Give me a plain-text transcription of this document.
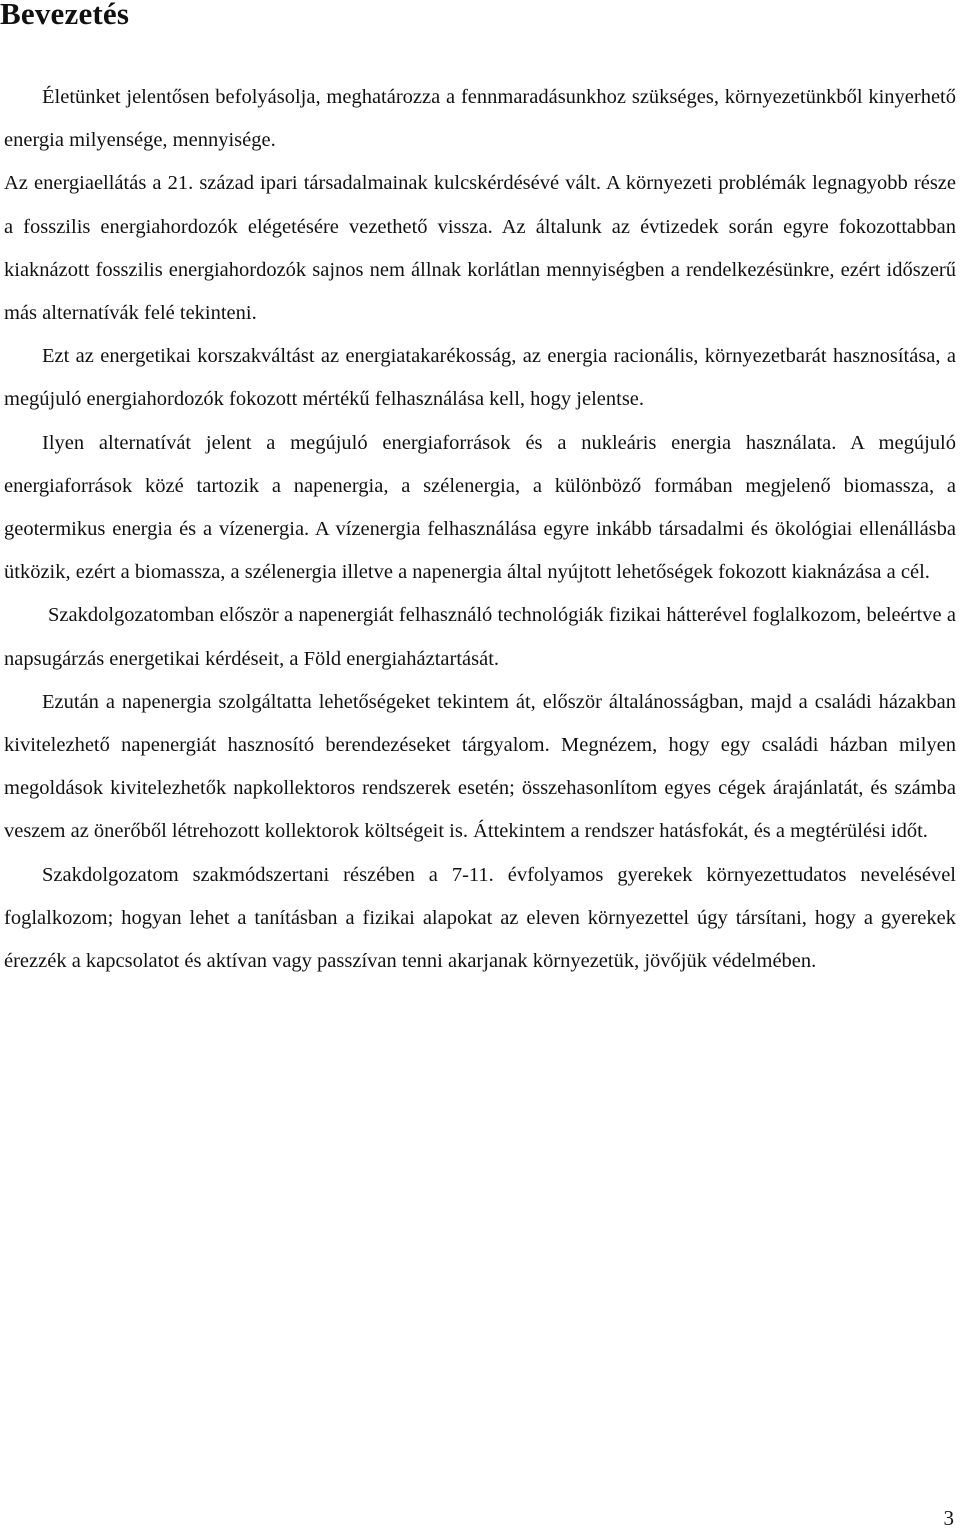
Bevezetés

Életünket jelentősen befolyásolja, meghatározza a fennmaradásunkhoz szükséges, környezetünkből kinyerhető energia milyensége, mennyisége.

Az energiaellátás a 21. század ipari társadalmainak kulcskérdésévé vált. A környezeti problémák legnagyobb része a fosszilis energiahordozók elégetésére vezethető vissza. Az általunk az évtizedek során egyre fokozottabban kiaknázott fosszilis energiahordozók sajnos nem állnak korlátlan mennyiségben a rendelkezésünkre, ezért időszerű más alternatívák felé tekinteni.

Ezt az energetikai korszakváltást az energiatakarékosság, az energia racionális, környezetbarát hasznosítása, a megújuló energiahordozók fokozott mértékű felhasználása kell, hogy jelentse.

Ilyen alternatívát jelent a megújuló energiaforrások és a nukleáris energia használata. A megújuló energiaforrások közé tartozik a napenergia, a szélenergia, a különböző formában megjelenő biomassza, a geotermikus energia és a vízenergia. A vízenergia felhasználása egyre inkább társadalmi és ökológiai ellenállásba ütközik, ezért a biomassza, a szélenergia illetve a napenergia által nyújtott lehetőségek fokozott kiaknázása a cél.

Szakdolgozatomban először a napenergiát felhasználó technológiák fizikai hátterével foglalkozom, beleértve a napsugárzás energetikai kérdéseit, a Föld energiaháztartását.

Ezután a napenergia szolgáltatta lehetőségeket tekintem át, először általánosságban, majd a családi házakban kivitelezhető napenergiát hasznosító berendezéseket tárgyalom. Megnézem, hogy egy családi házban milyen megoldások kivitelezhetők napkollektoros rendszerek esetén; összehasonlítom egyes cégek árajánlatát, és számba veszem az önerőből létrehozott kollektorok költségeit is. Áttekintem a rendszer hatásfokát, és a megtérülési időt.

Szakdolgozatom szakmódszertani részében a 7-11. évfolyamos gyerekek környezettudatos nevelésével foglalkozom; hogyan lehet a tanításban a fizikai alapokat az eleven környezettel úgy társítani, hogy a gyerekek érezzék a kapcsolatot és aktívan vagy passzívan tenni akarjanak környezetük, jövőjük védelmében.

3
